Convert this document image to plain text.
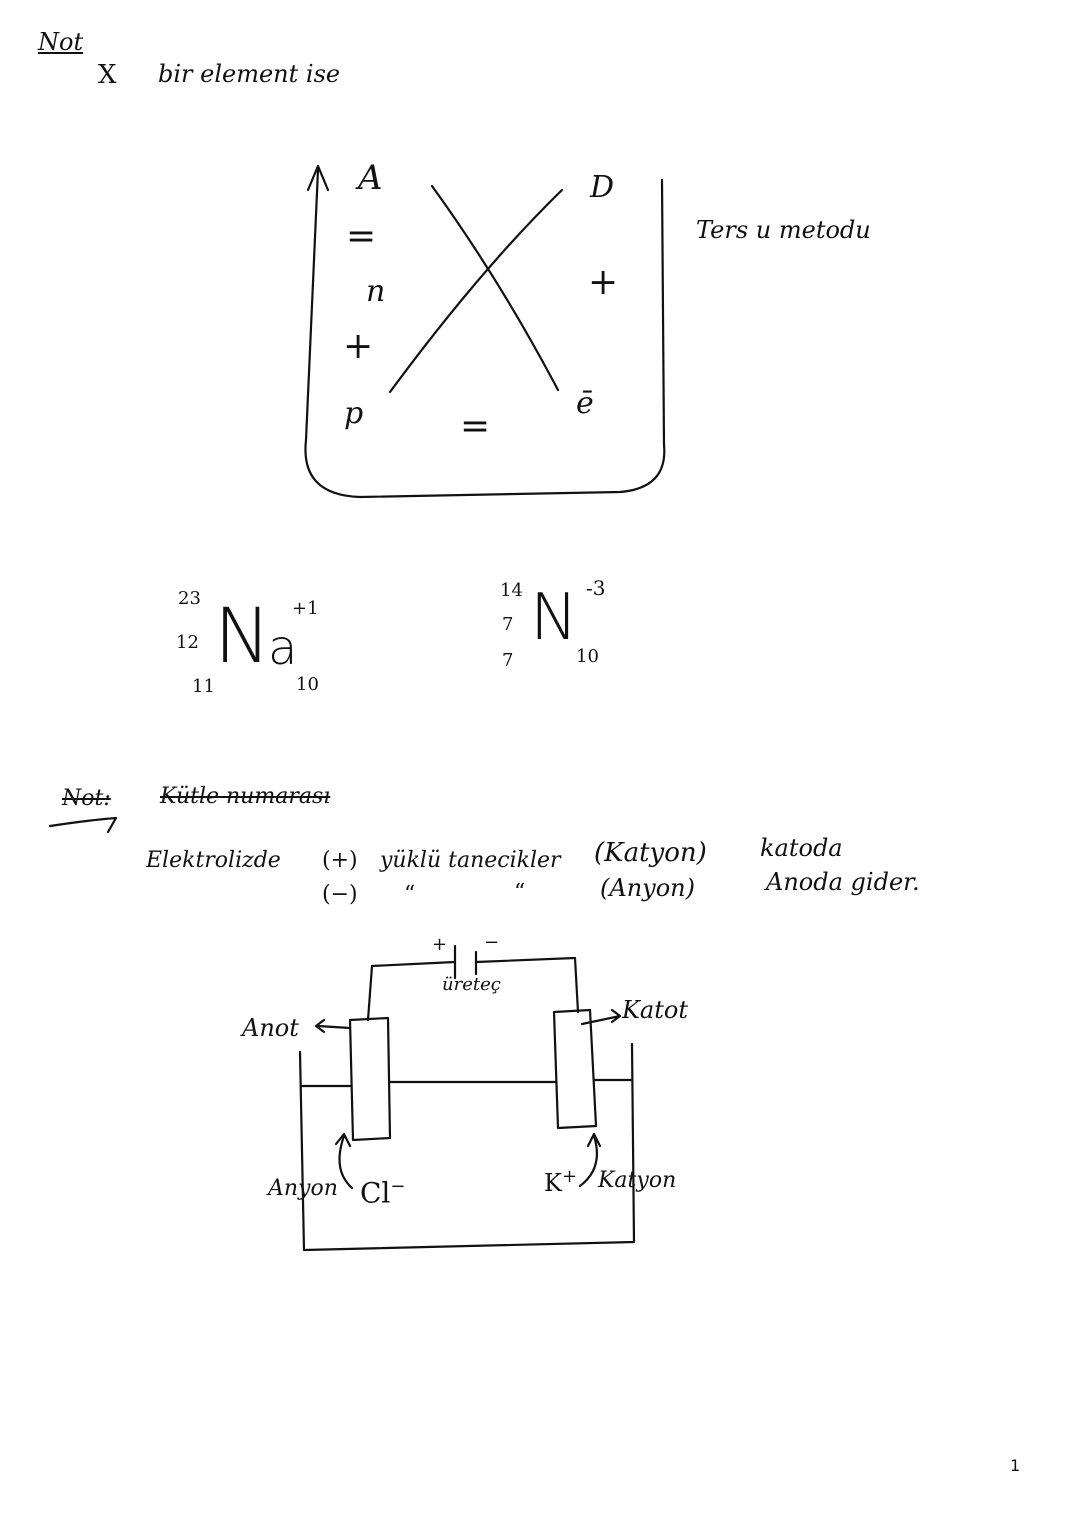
Not
X bir element ise
A
=
n
+
p	=
ē
+
D
Ters u metodu
23
12
11
N
a
+1
10
14
7
7
N -3
10
Not: Kütle numarası
Elektrolizde (+) yüklü tanecikler (Katyon) katoda
(−) “	“	(Anyon)	Anoda gider.
+ −
üreteç
Anot
Katot
Anyon Cl−	K+ Katyon
1
